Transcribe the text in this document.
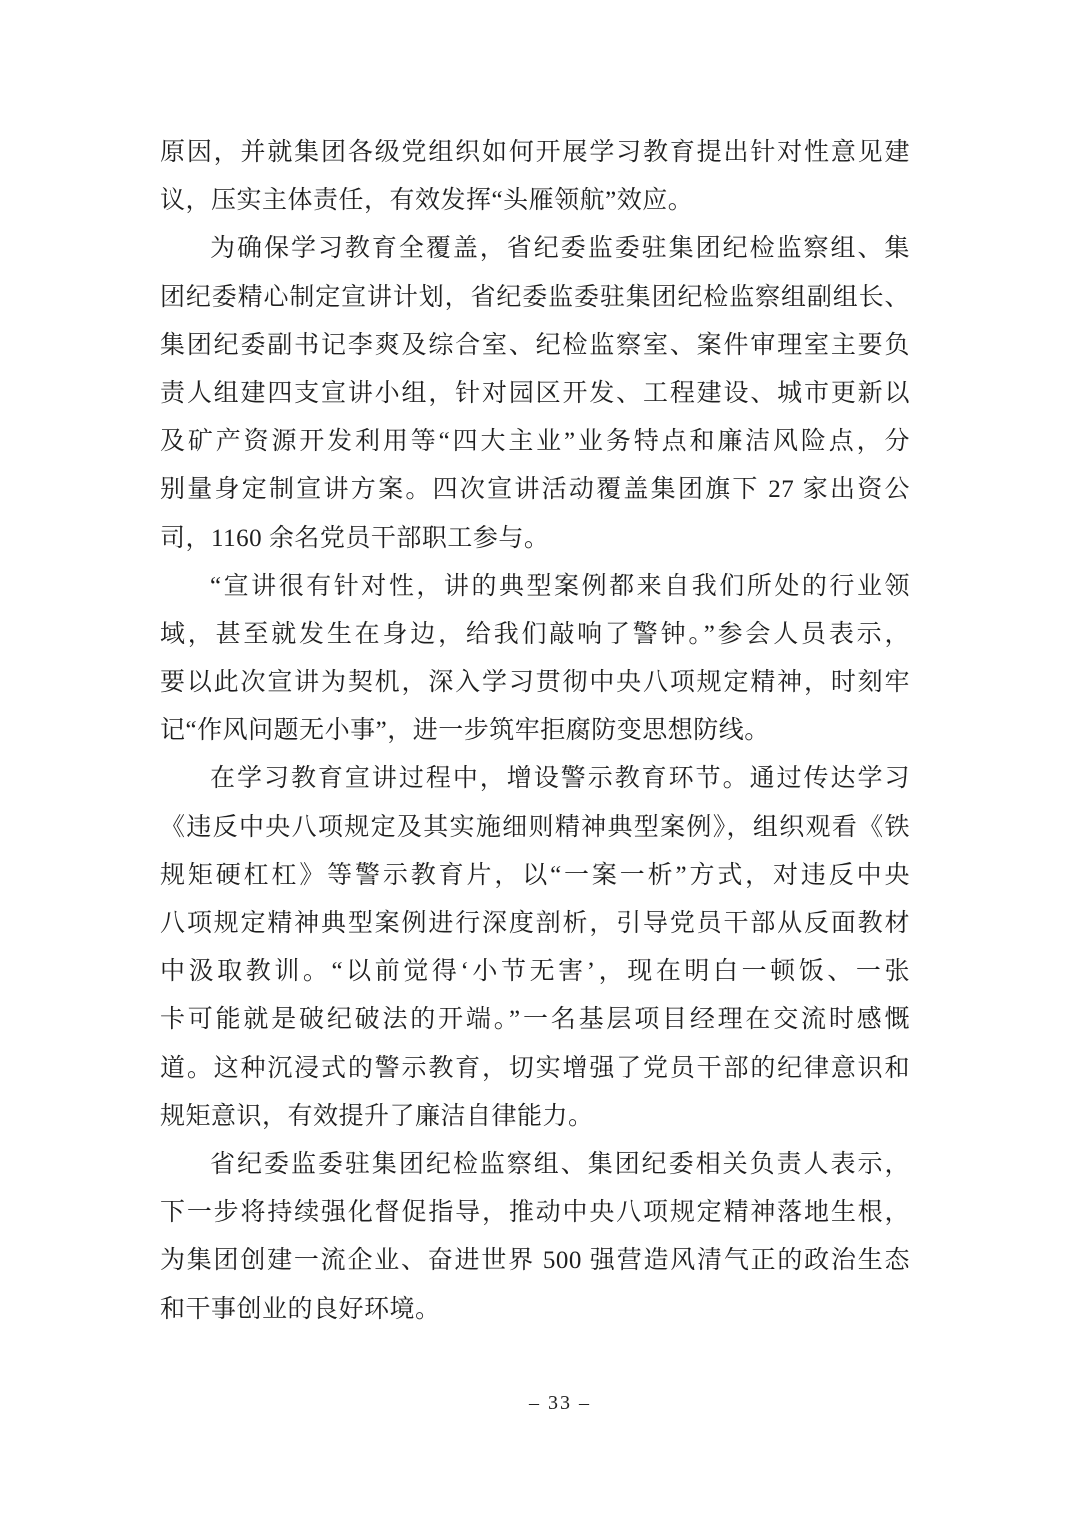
原因，并就集团各级党组织如何开展学习教育提出针对性意见建
议，压实主体责任，有效发挥“头雁领航”效应。
为确保学习教育全覆盖，省纪委监委驻集团纪检监察组、集
团纪委精心制定宣讲计划，省纪委监委驻集团纪检监察组副组长、
集团纪委副书记李爽及综合室、纪检监察室、案件审理室主要负
责人组建四支宣讲小组，针对园区开发、工程建设、城市更新以
及矿产资源开发利用等“四大主业”业务特点和廉洁风险点，分
别量身定制宣讲方案。四次宣讲活动覆盖集团旗下 27 家出资公
司，1160 余名党员干部职工参与。
“宣讲很有针对性，讲的典型案例都来自我们所处的行业领
域，甚至就发生在身边，给我们敲响了警钟。”参会人员表示，
要以此次宣讲为契机，深入学习贯彻中央八项规定精神，时刻牢
记“作风问题无小事”，进一步筑牢拒腐防变思想防线。
在学习教育宣讲过程中，增设警示教育环节。通过传达学习
《违反中央八项规定及其实施细则精神典型案例》，组织观看《铁
规矩硬杠杠》等警示教育片，以“一案一析”方式，对违反中央
八项规定精神典型案例进行深度剖析，引导党员干部从反面教材
中汲取教训。“以前觉得‘小节无害’，现在明白一顿饭、一张
卡可能就是破纪破法的开端。”一名基层项目经理在交流时感慨
道。这种沉浸式的警示教育，切实增强了党员干部的纪律意识和
规矩意识，有效提升了廉洁自律能力。
省纪委监委驻集团纪检监察组、集团纪委相关负责人表示，
下一步将持续强化督促指导，推动中央八项规定精神落地生根，
为集团创建一流企业、奋进世界 500 强营造风清气正的政治生态
和干事创业的良好环境。
– 33 –
